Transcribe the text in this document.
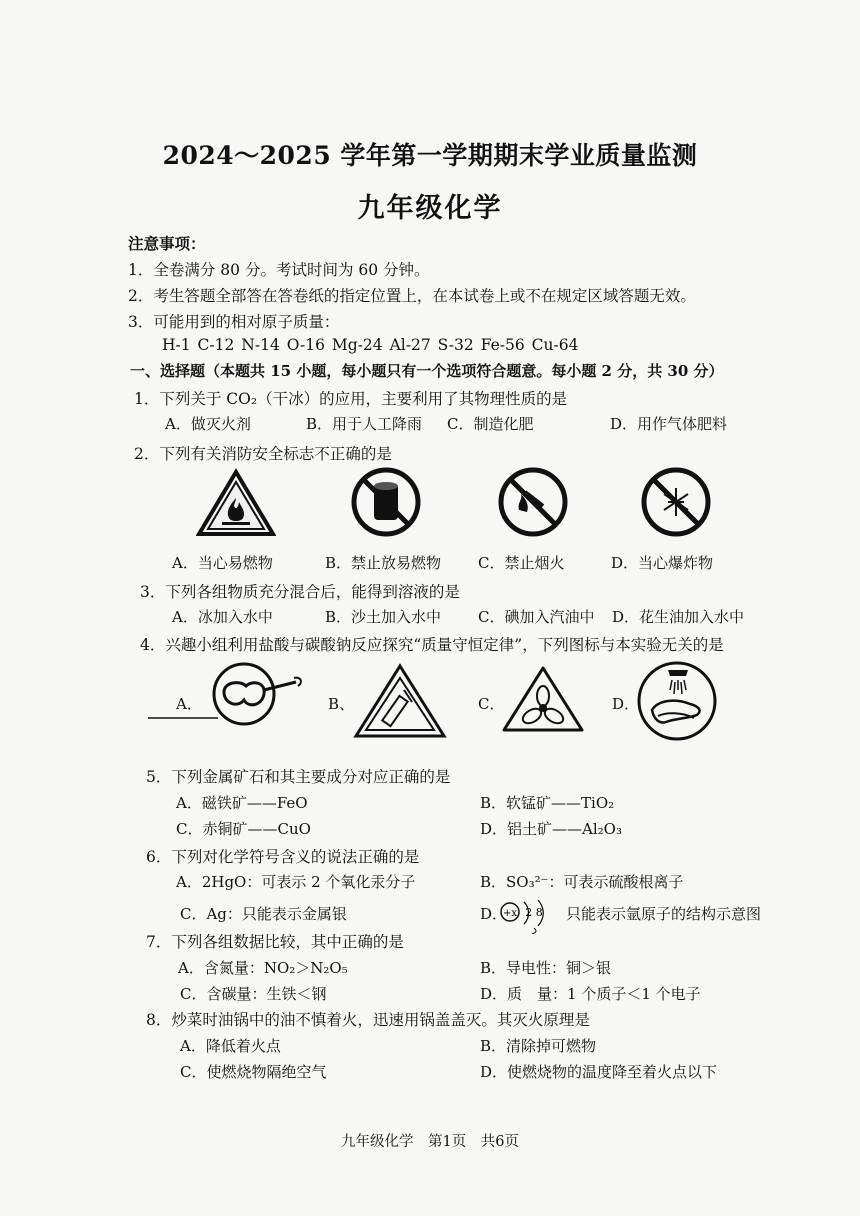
2024～2025 学年第一学期期末学业质量监测
九年级化学
注意事项：
1．全卷满分 80 分。考试时间为 60 分钟。
2．考生答题全部答在答卷纸的指定位置上，在本试卷上或不在规定区域答题无效。
3．可能用到的相对原子质量：
H-1 C-12 N-14 O-16 Mg-24 Al-27 S-32 Fe-56 Cu-64
一、选择题（本题共 15 小题，每小题只有一个选项符合题意。每小题 2 分，共 30 分）
1．下列关于 CO₂（干冰）的应用，主要利用了其物理性质的是
A．做灭火剂	B．用于人工降雨 C．制造化肥	D．用作气体肥料
2．下列有关消防安全标志不正确的是
A．当心易燃物	B．禁止放易燃物 C．禁止烟火	D．当心爆炸物
3．下列各组物质充分混合后，能得到溶液的是
A．冰加入水中	B．沙土加入水中 C．碘加入汽油中 D．花生油加入水中
4．兴趣小组利用盐酸与碳酸钠反应探究“质量守恒定律”，下列图标与本实验无关的是
A．	B、	C．	D．
5．下列金属矿石和其主要成分对应正确的是
A．磁铁矿——FeO	B．软锰矿——TiO₂
C．赤铜矿——CuO	D．铝土矿——Al₂O₃
6．下列对化学符号含义的说法正确的是
A．2HgO：可表示 2 个氧化汞分子	B．SO₃²⁻：可表示硫酸根离子
C．Ag：只能表示金属银	D．
+x 2 8 只能表示氩原子的结构示意图
7．下列各组数据比较，其中正确的是
A．含氮量：NO₂＞N₂O₅	B．导电性：铜＞银
C．含碳量：生铁＜钢	D．质　量：1 个质子＜1 个电子
8．炒菜时油锅中的油不慎着火，迅速用锅盖盖灭。其灭火原理是
A．降低着火点	B．清除掉可燃物
C．使燃烧物隔绝空气	D．使燃烧物的温度降至着火点以下
九年级化学　第1页　共6页
